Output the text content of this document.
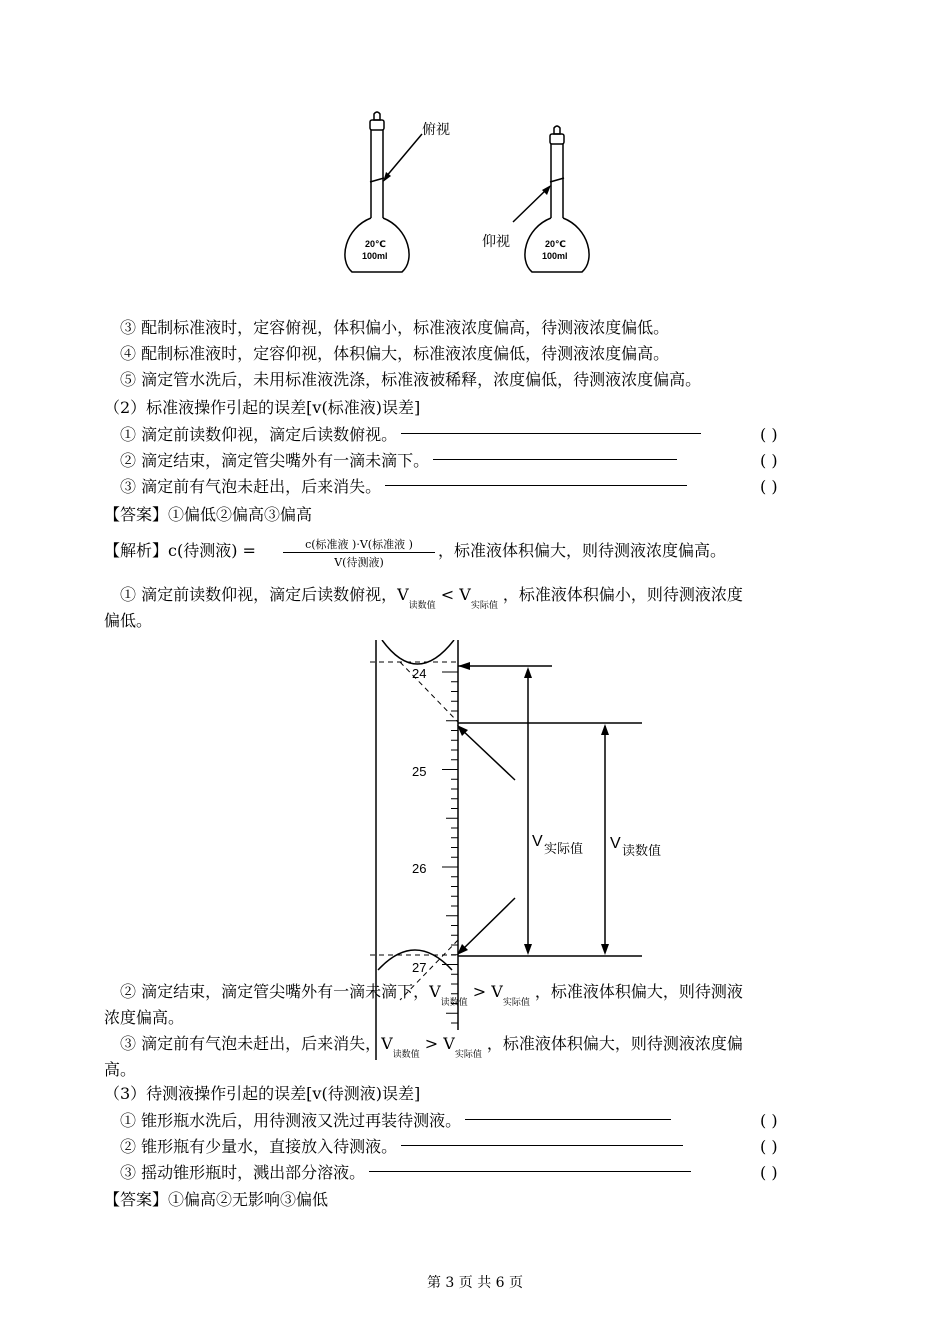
20℃
100ml
俯视
20℃
100ml
仰视
③ 配制标准液时，定容俯视，体积偏小，标准液浓度偏高，待测液浓度偏低。
④ 配制标准液时，定容仰视，体积偏大，标准液浓度偏低，待测液浓度偏高。
⑤ 滴定管水洗后，未用标准液洗涤，标准液被稀释，浓度偏低，待测液浓度偏高。
（2）标准液操作引起的误差[v(标准液)误差]
① 滴定前读数仰视，滴定后读数俯视。	( )
② 滴定结束，滴定管尖嘴外有一滴未滴下。	( )
③ 滴定前有气泡未赶出，后来消失。	( )
【答案】①偏低②偏高③偏高
【解析】c(待测液) =	c(标准液 )·V(标准液 )
V(待测液)
，标准液体积偏大，则待测液浓度偏高。
① 滴定前读数仰视，滴定后读数俯视，$V_{读数值} < V_{实际值}$ ，标准液体积偏小，则待测液浓度
偏低。
24
25
26
27
V 实际值 V 读数值
② 滴定结束，滴定管尖嘴外有一滴未滴下，$V_{读数值} > V_{实际值}$ ，标准液体积偏大，则待测液
浓度偏高。
③ 滴定前有气泡未赶出，后来消失，$V_{读数值} > V_{实际值}$ ，标准液体积偏大，则待测液浓度偏
高。
（3）待测液操作引起的误差[v(待测液)误差]
① 锥形瓶水洗后，用待测液又洗过再装待测液。	( )
② 锥形瓶有少量水，直接放入待测液。	( )
③ 摇动锥形瓶时，溅出部分溶液。	( )
【答案】①偏高②无影响③偏低
第 3 页 共 6 页
